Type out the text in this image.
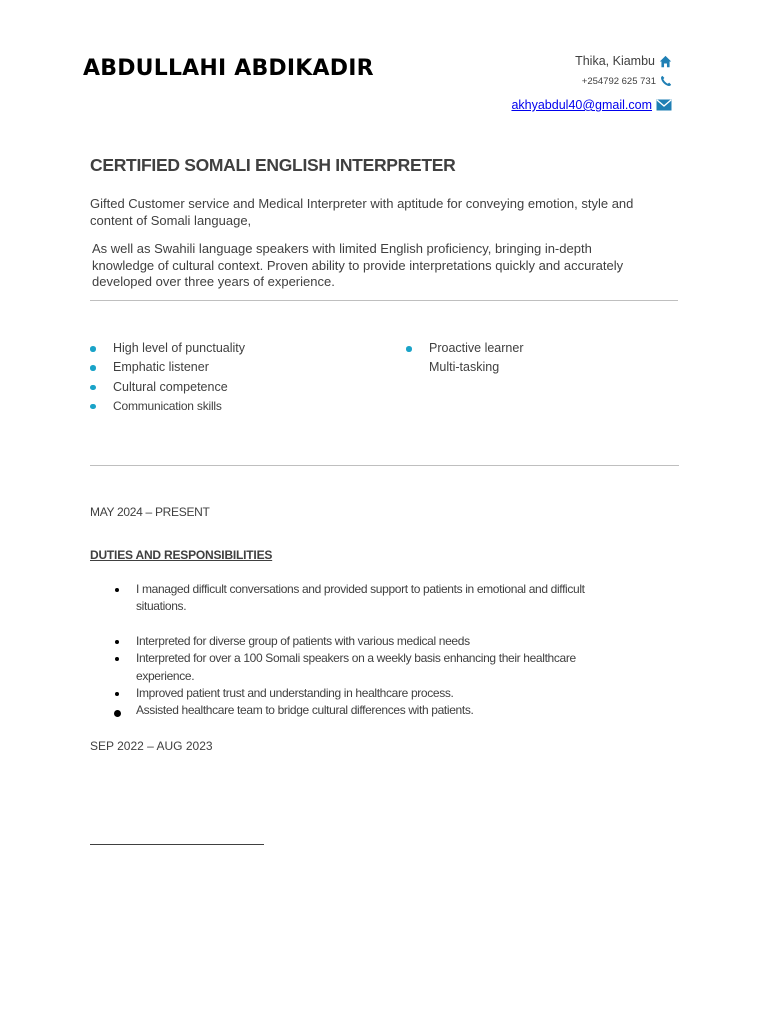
ABDULLAHI ABDIKADIR	Thika, Kiambu
+254792 625 731
akhyabdul40@gmail.com
CERTIFIED SOMALI ENGLISH INTERPRETER
Gifted Customer service and Medical Interpreter with aptitude for conveying emotion, style and content of Somali language,
As well as Swahili language speakers with limited English proficiency, bringing in-depth knowledge of cultural context. Proven ability to provide interpretations quickly and accurately developed over three years of experience.
High level of punctuality
Emphatic listener
Cultural competence
Communication skills
Proactive learner
Multi-tasking
MAY 2024 – PRESENT
DUTIES AND RESPONSIBILITIES
I managed difficult conversations and provided support to patients in emotional and difficult situations.
Interpreted for diverse group of patients with various medical needs
Interpreted for over a 100 Somali speakers on a weekly basis enhancing their healthcare experience.
Improved patient trust and understanding in healthcare process.
Assisted healthcare team to bridge cultural differences with patients.
SEP 2022 – AUG 2023
